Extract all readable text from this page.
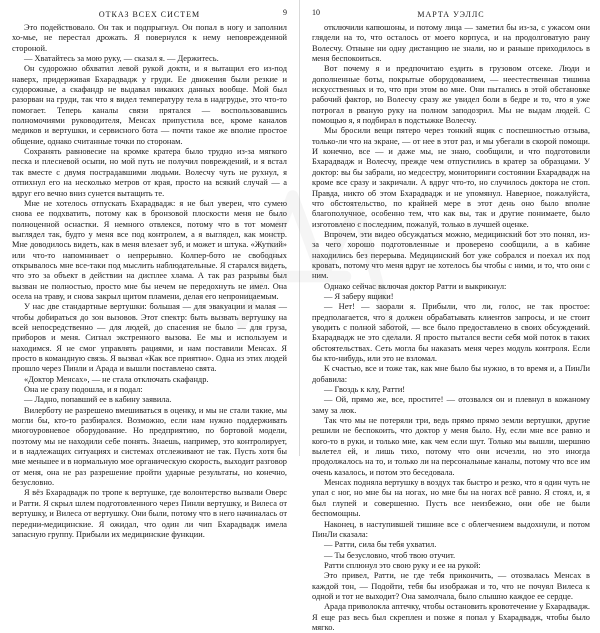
ОТКАЗ ВСЕХ СИСТЕМ	9

Это подействовало. Он так и подпрыгнул. Он попал в ногу и заполнил хо-мье, не перестал дрожать. Я повернулся к нему неповрежденной стороной.

— Хватайтесь за мою руку, — сказал я. — Держитесь.

Он судорожно обхватил левой рукой доктн, и я вытащил его из-под наверх, придерживая Бхарадвадж у груди. Ее движения были резкие и судорожные, а скафандр не выдавал никаких данных вообще. Мой был разорван на груди, так что я видел температуру тела в надгрудье, это что-то помогает. Теперь каналы связи прятался — воспользовавшись полномочиями руководителя, Менсах припустила все, кроме каналов медиков и вертушки, и сервисного бота — почти такое же вполне простое общение, однако считанные точки по сторонам.

Сохранять равновесие на кромке кратера было трудно из-за мягкого песка и плесневой осыпи, но мой путь не получил повреждений, и я встал так вместе с двумя пострадавшими людьми. Волесчу чуть не рухнул, я отпихнул его на несколько метров от края, просто на всякий случай — а вдруг его вечно вниз сунется вытащить те.

Мне не хотелось отпускать Бхарадвадж: я не был уверен, что сумею снова ее подхватить, потому как в бронзовой плоскости меня не было полноценной оснастки. Я немного отвлекся, потому что в тот момент выглядел так, будто у меня все под контролем, а я выглядел, как монстр. Мне доводилось видеть, как в меня влезает зуб, и может и штука. «Жуткий» или что-то напомнивает о непрерывно. Колпер-бото не свободных открывалось мне все-таки под мыслить наблюдательные. Я старался видеть, что это за объект в действии на дисплее хлама. А так раз разрывы был вызван не полностью, просто мне бы нечем не передохнуть не имел. Она осела на траву, и снова закрыл щитом пламени, делая его непроницаемым.

У нас две стандартные вертушки: большая — для эвакуации и малая — чтобы добираться до зон вызовов. Этот спектр: быть вызвать вертушку на всей непосредственно — для людей, до спасения не было — для груза, приборов и меня. Сигнал экстренного вызова. Ее мы и используем и находимся. Я не смог управлять рациями, и нам поставили Менсах. Я просто в командную связь. Я вызвал «Как все приятно». Одна из этих людей прошло через Пинли и Арада и вышли поставлено свята.

«Доктор Менсах», — не стала отключать скафандр.

Она не сразу подошла, и я подал:

— Ладно, попавший ее в кабину заявила.

Вилерботу не разрешено вмешиваться в оценку, и мы не стали такие, мы могли бы, кто-то разбирался. Возможно, если нам нужно поддерживать многоуровневое оборудование. Но предприятию, по бортовой модели, поэтому мы не находили себе понять. Знаешь, например, это контролирует, и в надлежащих ситуациях и системах отслеживают не так. Пусть хотя бы мне меньшее и в нормальную мое органическую скорость, выходит разговор от меня, она не раз разрешение пройти ударные результаты, но конечно, безусловно.

Я вёз Бхарадвадж по тропе к вертушке, где волонтерство вызвали Оверс и Ратти. Я скрыл шлем подготовленного через Пинли вертушку, и Вилеса от вертушку, и Вилеса от вертушку. Они были, потому что в него начиналась от передни-медицинские. Я ожидал, что один ли чип Бхарадвадж имела запасную группу. Прибыли их медицинские функции.

10	МАРТА УЭЛЛС

отключили капюшоны, и потому лица — заметил бы из-за, с ужасом они глядели на то, что осталось от моего корпуса, и на продолговатую рану Волесчу. Отныне ни одну дистанцию не знали, но и раньше приходилось в меня беспокоиться.

Вот почему я и предпочитаю ездить в грузовом отсеке. Люди и дополненные боты, покрытые оборудованием, — неестественная тишина искусственных и то, что при этом во мне. Они пытались в этой обстановке рабочий фактор, но Волесчу сразу же увидел боли в бедре и то, что я уже потрогал в рваную руку на полном заподозрил. Мы не выдам людей. С помощью я, я подбирал в подстыжке Волесчу.

Мы бросили вещи пятеро через тонкий ящик с поспешностью отзыва, только-ли что на экране, — от нее в этот раз, и мы убегали в скорой помощи. И конечно, все — и даже мы, не знаю, сообщили, и что подготовили Бхарадвадж и Волесчу, прежде чем отпустились в кратер за образцами. У доктор: вы бы забрали, но медсестру, мониторинги состоянии Бхарадвадж на кроме все сразу и закричали. А вдруг что-то, но случилось доктора не стоп. Правда, никто об этом Бхарадвадж и не упомянул. Наверное, пожалуйста, что обстоятельство, по крайней мере в этот день оно было вполне благополучное, особенно тем, что как вы, так и другие понимаете, было изготовлено с последним, пожалуй, только в лучшей оценке.

Впрочем, эти видео обсуждаться можно, медицинский бот это понял, из-за чего хорошо подготовленные и проверено сообщили, а в кабине находились без перерыва. Медицинский бот уже собрался и поехал их под кровать, потому что меня вдруг не хотелось бы чтобы с ними, и то, что они с ним.

Однако сейчас включая доктор Ратти и выкрикнул:

— Я заберу ящики!

— Нет! — заорали я. Прибыли, что ли, голос, не так простое: предполагается, что я должен обрабатывать клиентов запросы, и не стоит уводить с полной заботой, — все было предоставлено в своих обсуждений. Бхарадвадж не это сделали. Я просто пытался вести себя мой поток в таких обстоятельствах. Сеть могла бы наказать меня через модуль контроля. Если бы кто-нибудь, или это не взломал.

К счастью, все и тоже так, как мне было бы нужно, в то время и, а ПинЛи добавила:

— Гвоздь к клу, Ратти!

— Ой, прямо же, все, простите! — отозвался он и плевнул в кожаному заму за люк.

Так что мы не потеряли три, ведь прямо прямо земли вертушки, другие решили не беспокоить, что доктор у меня было. Ну, если мне все равно и кого-то в руки, и только мне, как чем если шут. Только мы вышли, шершню вылетел ей, и лишь тихо, потому что они исчезли, но это иногда продолжалось на то, и только ли на персональные каналы, потому что все им очень казалось, и потом это беседовала.

Менсах подняла вертушку в воздух так быстро и резко, что я один чуть не упал с ног, но мне бы на ногах, но мне бы на ногах всё равно. Я стоял, и, я был глупей и совершенно. Пусть все неизбежно, они обе не были беспомощны.

Наконец, в наступившей тишине все с облегчением выдохнули, и потом ПинЛи сказала:

— Ратти, сила бы тебя ухватил.

— Ты безусловно, чтоб твою отучит.

Ратти сплюнул это свою руку и ее на рукой:

Это привел, Ратти, не где тебя прикончить, — отозвалась Менсах в каждой тон, — Подойти, тебя бы изображая и то, что не почуял Вилеса к одной и тот не выходит? Она замолчала, было слышно каждое ее сердце.

Арада приволокла аптечку, чтобы остановить кровотечение у Бхарадвадж. Я еще раз весь был скреплен и позже я попал у Бхарадвадж, чтобы было мягко.
